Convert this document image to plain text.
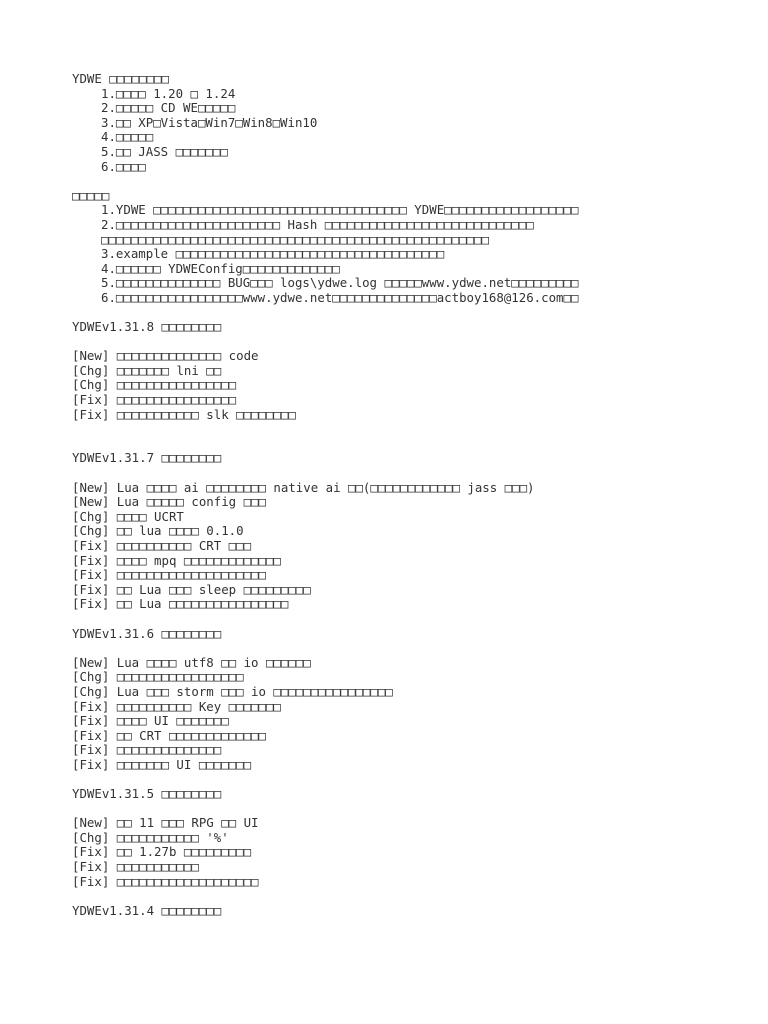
YDWE □□□□□□□□
1.□□□□ 1.20 □ 1.24
2.□□□□□ CD WE□□□□□
3.□□ XP□Vista□Win7□Win8□Win10
4.□□□□□
5.□□ JASS □□□□□□□
6.□□□□
□□□□□
1.YDWE □□□□□□□□□□□□□□□□□□□□□□□□□□□□□□□□□□ YDWE□□□□□□□□□□□□□□□□□□
2.□□□□□□□□□□□□□□□□□□□□□□ Hash □□□□□□□□□□□□□□□□□□□□□□□□□□□□
□□□□□□□□□□□□□□□□□□□□□□□□□□□□□□□□□□□□□□□□□□□□□□□□□□□□
3.example □□□□□□□□□□□□□□□□□□□□□□□□□□□□□□□□□□□□
4.□□□□□□ YDWEConfig□□□□□□□□□□□□□
5.□□□□□□□□□□□□□□ BUG□□□ logs\ydwe.log □□□□□www.ydwe.net□□□□□□□□□
6.□□□□□□□□□□□□□□□□□www.ydwe.net□□□□□□□□□□□□□□actboy168@126.com□□
YDWEv1.31.8 □□□□□□□□
[New] □□□□□□□□□□□□□□ code
[Chg] □□□□□□□ lni □□
[Chg] □□□□□□□□□□□□□□□□
[Fix] □□□□□□□□□□□□□□□□
[Fix] □□□□□□□□□□□ slk □□□□□□□□
YDWEv1.31.7 □□□□□□□□
[New] Lua □□□□ ai □□□□□□□□ native ai □□(□□□□□□□□□□□□ jass □□□)
[New] Lua □□□□□ config □□□
[Chg] □□□□ UCRT
[Chg] □□ lua □□□□ 0.1.0
[Fix] □□□□□□□□□□ CRT □□□
[Fix] □□□□ mpq □□□□□□□□□□□□□
[Fix] □□□□□□□□□□□□□□□□□□□□
[Fix] □□ Lua □□□ sleep □□□□□□□□□
[Fix] □□ Lua □□□□□□□□□□□□□□□□
YDWEv1.31.6 □□□□□□□□
[New] Lua □□□□ utf8 □□ io □□□□□□
[Chg] □□□□□□□□□□□□□□□□□
[Chg] Lua □□□ storm □□□ io □□□□□□□□□□□□□□□□
[Fix] □□□□□□□□□□ Key □□□□□□□
[Fix] □□□□ UI □□□□□□□
[Fix] □□ CRT □□□□□□□□□□□□□
[Fix] □□□□□□□□□□□□□□
[Fix] □□□□□□□ UI □□□□□□□
YDWEv1.31.5 □□□□□□□□
[New] □□ 11 □□□ RPG □□ UI
[Chg] □□□□□□□□□□□ '%'
[Fix] □□ 1.27b □□□□□□□□□
[Fix] □□□□□□□□□□□
[Fix] □□□□□□□□□□□□□□□□□□□
YDWEv1.31.4 □□□□□□□□
